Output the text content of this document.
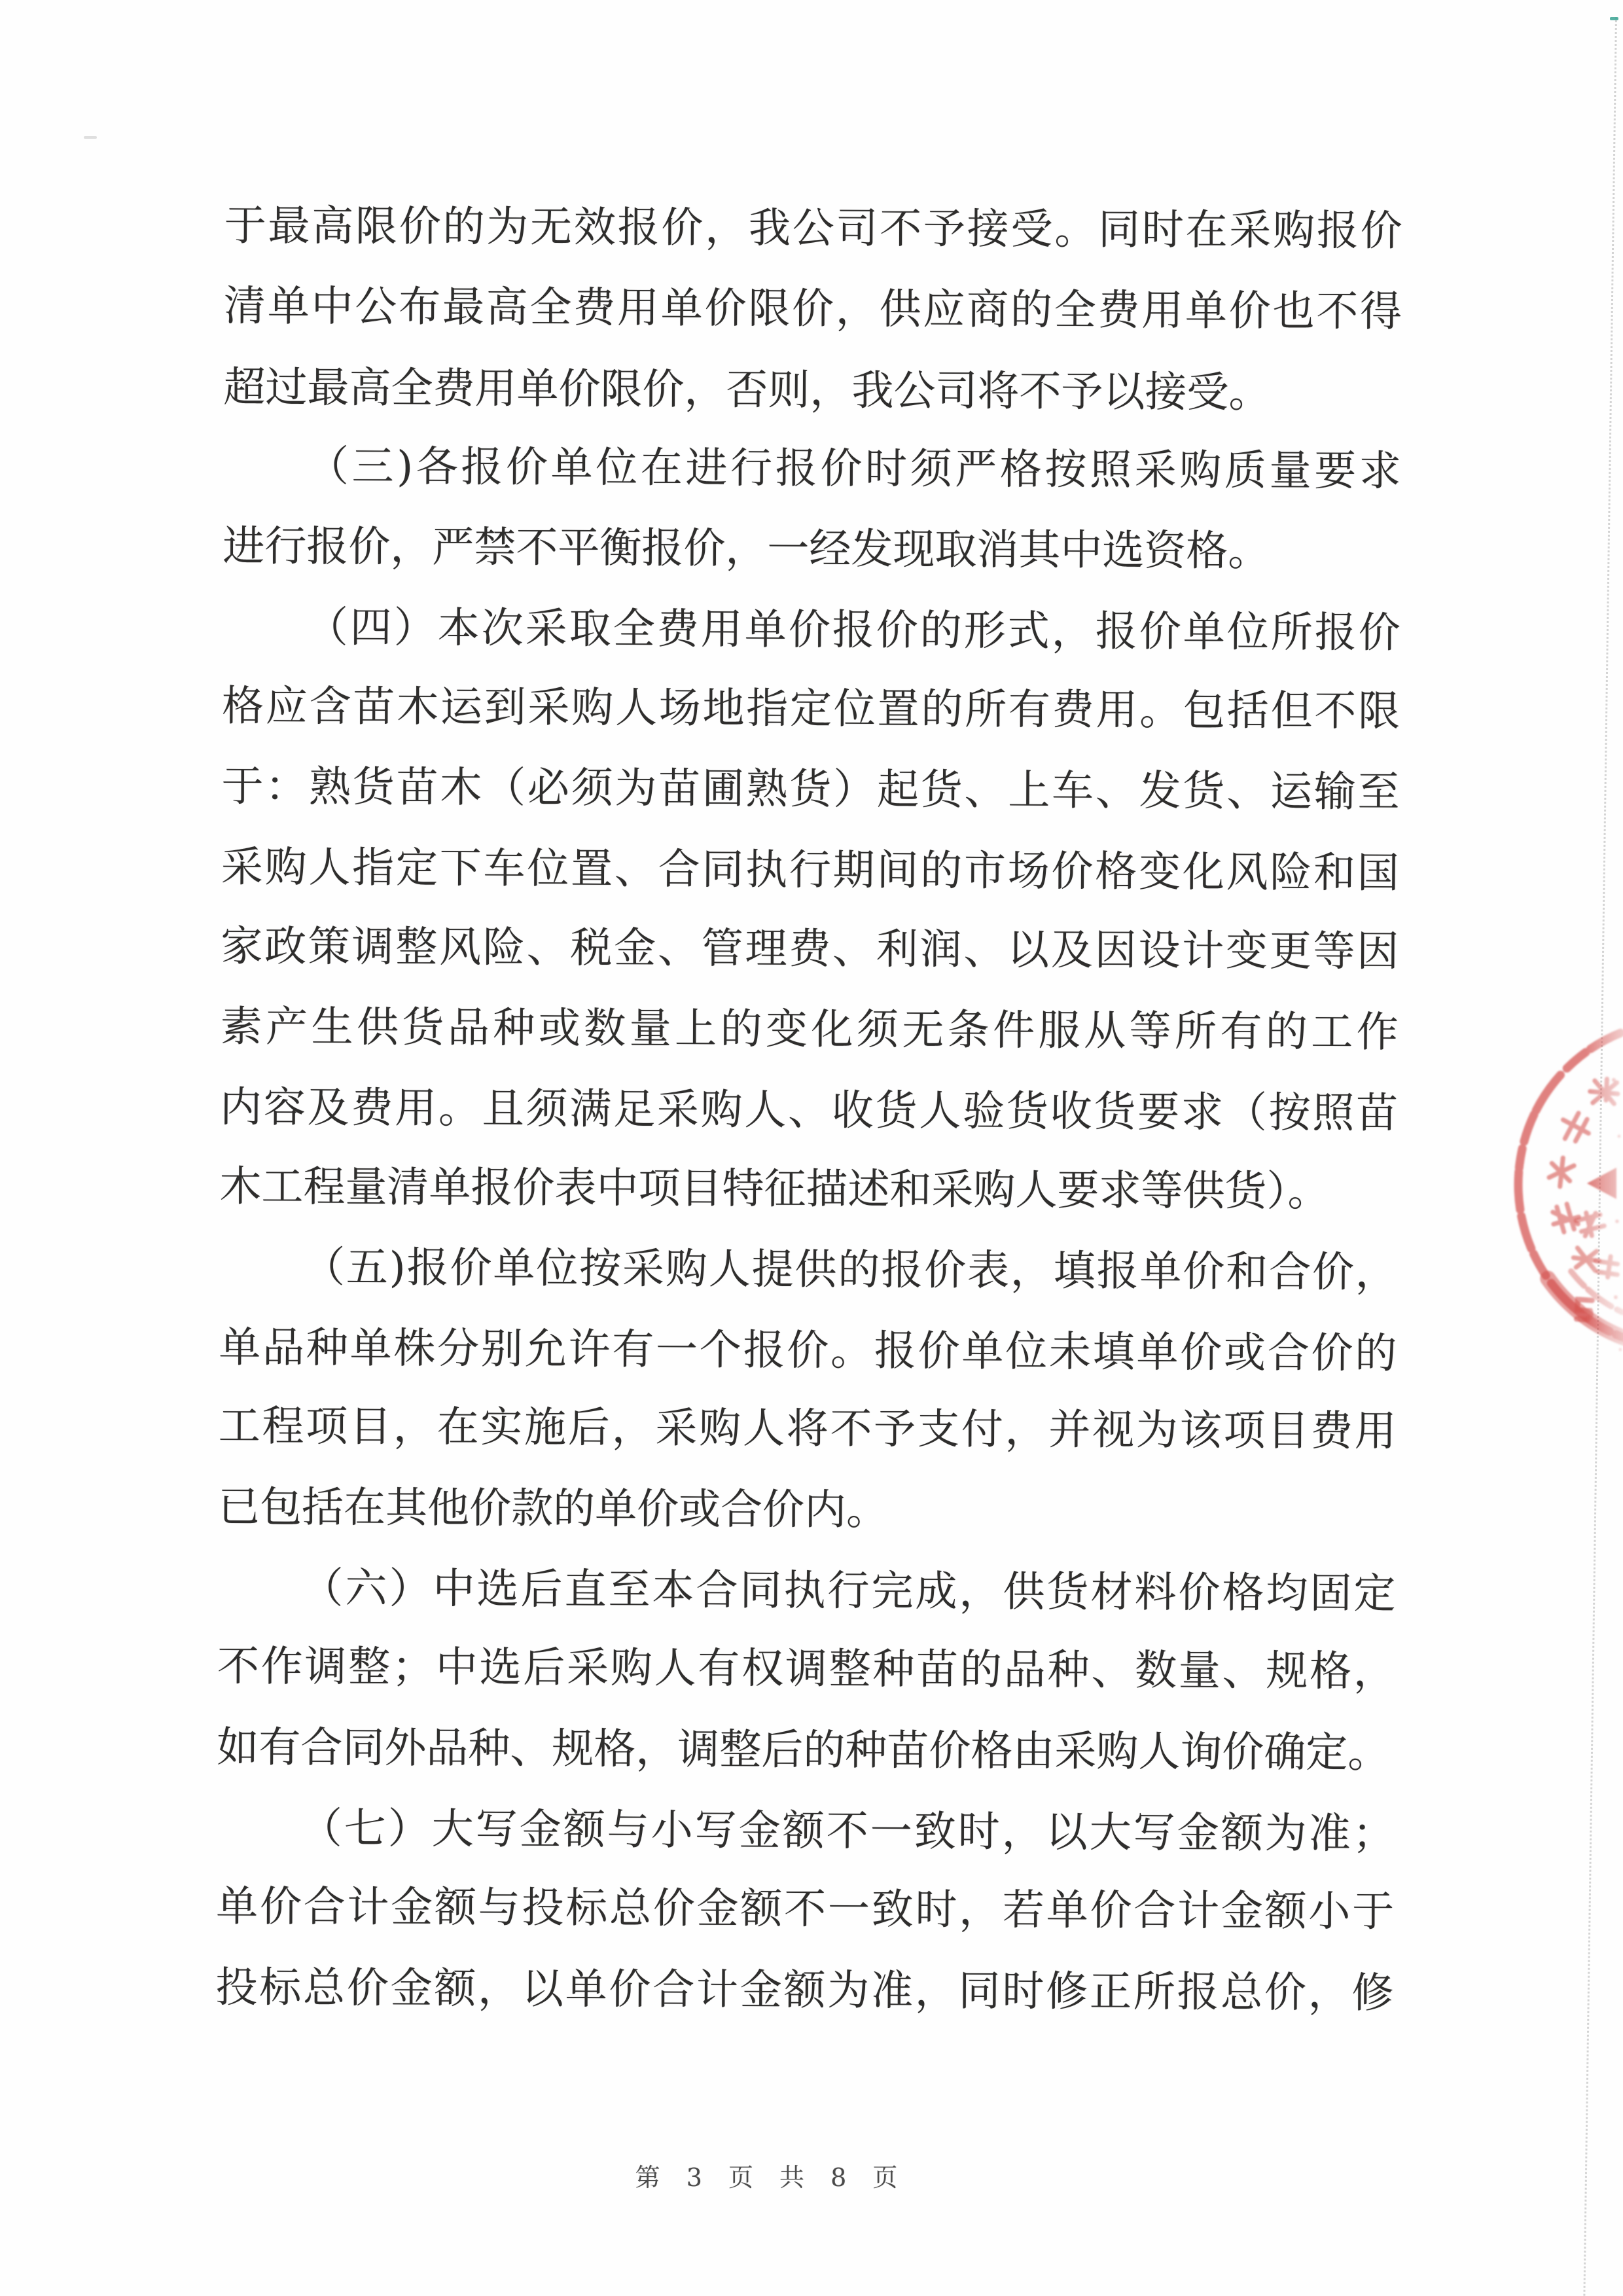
于最高限价的为无效报价，我公司不予接受。同时在采购报价
清单中公布最高全费用单价限价，供应商的全费用单价也不得
超过最高全费用单价限价，否则，我公司将不予以接受。
（三)各报价单位在进行报价时须严格按照采购质量要求
进行报价，严禁不平衡报价，一经发现取消其中选资格。
（四）本次采取全费用单价报价的形式，报价单位所报价
格应含苗木运到采购人场地指定位置的所有费用。包括但不限
于：熟货苗木（必须为苗圃熟货）起货、上车、发货、运输至
采购人指定下车位置、合同执行期间的市场价格变化风险和国
家政策调整风险、税金、管理费、利润、以及因设计变更等因
素产生供货品种或数量上的变化须无条件服从等所有的工作
内容及费用。且须满足采购人、收货人验货收货要求（按照苗
木工程量清单报价表中项目特征描述和采购人要求等供货）。
（五)报价单位按采购人提供的报价表，填报单价和合价，
单品种单株分别允许有一个报价。报价单位未填单价或合价的
工程项目，在实施后，采购人将不予支付，并视为该项目费用
已包括在其他价款的单价或合价内。
（六）中选后直至本合同执行完成，供货材料价格均固定
不作调整；中选后采购人有权调整种苗的品种、数量、规格，
如有合同外品种、规格，调整后的种苗价格由采购人询价确定。
（七）大写金额与小写金额不一致时，以大写金额为准；
单价合计金额与投标总价金额不一致时，若单价合计金额小于
投标总价金额，以单价合计金额为准，同时修正所报总价，修
第 3 页 共 8 页
